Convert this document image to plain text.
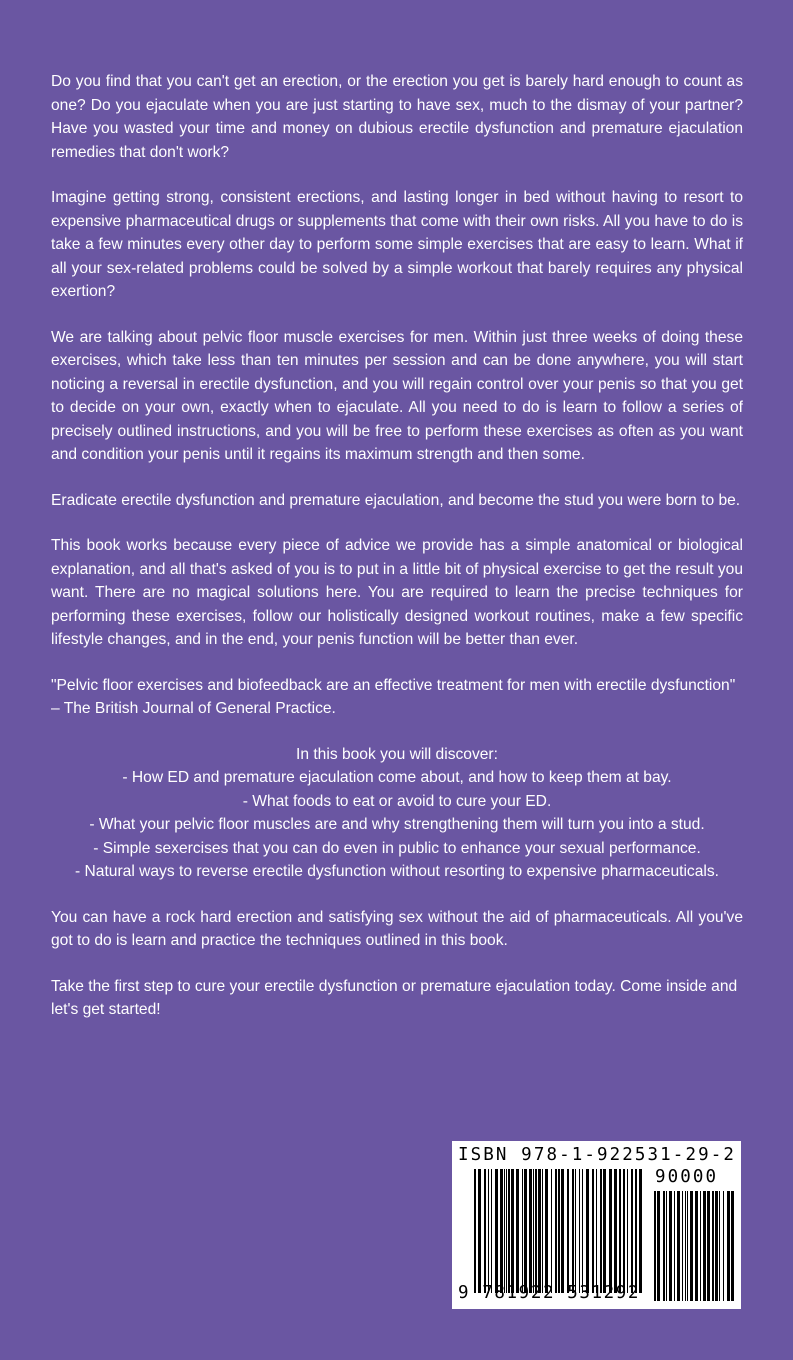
Do you find that you can't get an erection, or the erection you get is barely hard enough to count as one? Do you ejaculate when you are just starting to have sex, much to the dismay of your partner? Have you wasted your time and money on dubious erectile dysfunction and premature ejaculation remedies that don't work?

Imagine getting strong, consistent erections, and lasting longer in bed without having to resort to expensive pharmaceutical drugs or supplements that come with their own risks. All you have to do is take a few minutes every other day to perform some simple exercises that are easy to learn. What if all your sex-related problems could be solved by a simple workout that barely requires any physical exertion?

We are talking about pelvic floor muscle exercises for men. Within just three weeks of doing these exercises, which take less than ten minutes per session and can be done anywhere, you will start noticing a reversal in erectile dysfunction, and you will regain control over your penis so that you get to decide on your own, exactly when to ejaculate. All you need to do is learn to follow a series of precisely outlined instructions, and you will be free to perform these exercises as often as you want and condition your penis until it regains its maximum strength and then some.

Eradicate erectile dysfunction and premature ejaculation, and become the stud you were born to be.

This book works because every piece of advice we provide has a simple anatomical or biological explanation, and all that's asked of you is to put in a little bit of physical exercise to get the result you want. There are no magical solutions here. You are required to learn the precise techniques for performing these exercises, follow our holistically designed workout routines, make a few specific lifestyle changes, and in the end, your penis function will be better than ever.

"Pelvic floor exercises and biofeedback are an effective treatment for men with erectile dysfunction" – The British Journal of General Practice.

In this book you will discover:
- How ED and premature ejaculation come about, and how to keep them at bay.
- What foods to eat or avoid to cure your ED.
- What your pelvic floor muscles are and why strengthening them will turn you into a stud.
- Simple sexercises that you can do even in public to enhance your sexual performance.
- Natural ways to reverse erectile dysfunction without resorting to expensive pharmaceuticals.

You can have a rock hard erection and satisfying sex without the aid of pharmaceuticals. All you've got to do is learn and practice the techniques outlined in this book.

Take the first step to cure your erectile dysfunction or premature ejaculation today. Come inside and let's get started!

ISBN 978-1-922531-29-2
90000
9 781922 531292
